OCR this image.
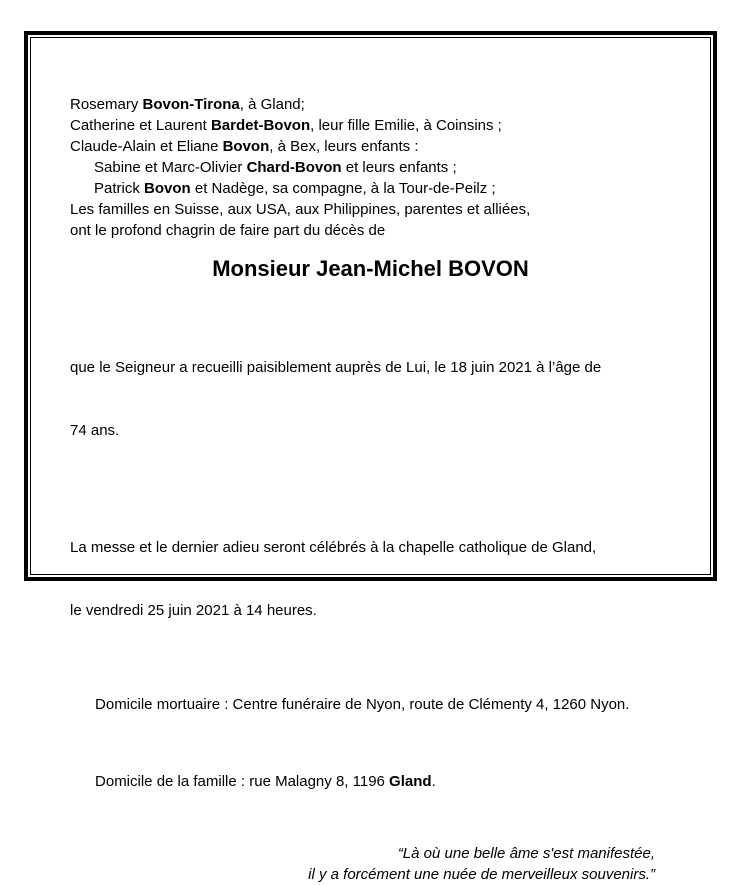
Rosemary Bovon-Tirona, à Gland;
Catherine et Laurent Bardet-Bovon, leur fille Emilie, à Coinsins ;
Claude-Alain et Eliane Bovon, à Bex, leurs enfants :
Sabine et Marc-Olivier Chard-Bovon et leurs enfants ;
Patrick Bovon et Nadège, sa compagne, à la Tour-de-Peilz ;
Les familles en Suisse, aux USA, aux Philippines, parentes et alliées,
ont le profond chagrin de faire part du décès de
Monsieur Jean-Michel BOVON

que le Seigneur a recueilli paisiblement auprès de Lui, le 18 juin 2021 à l’âge de

74 ans.

La messe et le dernier adieu seront célébrés à la chapelle catholique de Gland,

le vendredi 25 juin 2021 à 14 heures.

Domicile mortuaire : Centre funéraire de Nyon, route de Clémenty 4, 1260 Nyon.

Domicile de la famille : rue Malagny 8, 1196 Gland.

“Là où une belle âme s'est manifestée,
il y a forcément une nuée de merveilleux souvenirs.”
